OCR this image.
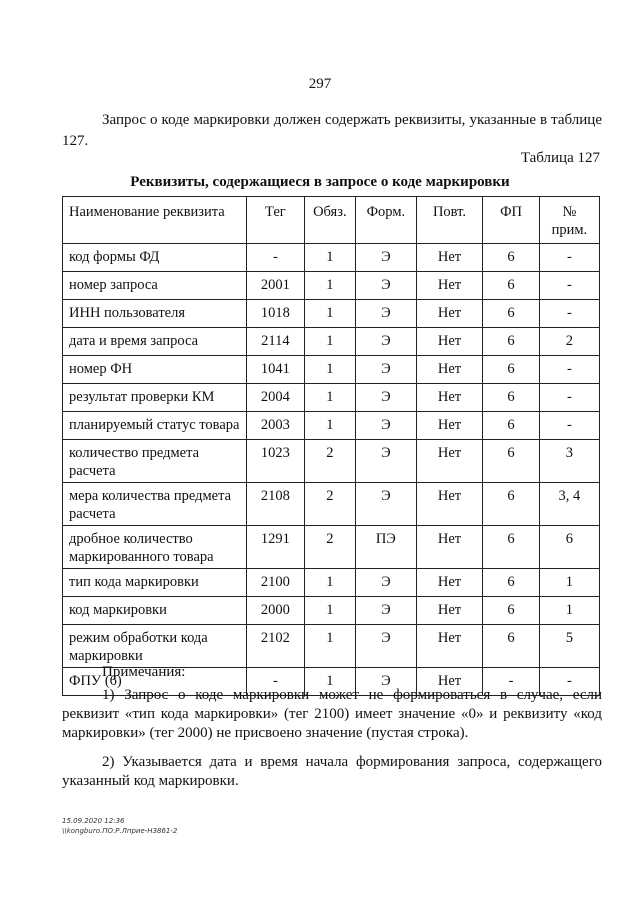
297
Запрос о коде маркировки должен содержать реквизиты, указанные в таблице 127.
Таблица 127
Реквизиты, содержащиеся в запросе о коде маркировки
Наименование реквизита	Тег	Обяз.	Форм.	Повт.	ФП	№ прим.
код формы ФД	-	1	Э	Нет	6	-
номер запроса	2001	1	Э	Нет	6	-
ИНН пользователя	1018	1	Э	Нет	6	-
дата и время запроса	2114	1	Э	Нет	6	2
номер ФН	1041	1	Э	Нет	6	-
результат проверки КМ	2004	1	Э	Нет	6	-
планируемый статус товара	2003	1	Э	Нет	6	-
количество предмета расчета	1023	2	Э	Нет	6	3
мера количества предмета расчета	2108	2	Э	Нет	6	3, 4
дробное количество маркированного товара	1291	2	ПЭ	Нет	6	6
тип кода маркировки	2100	1	Э	Нет	6	1
код маркировки	2000	1	Э	Нет	6	1
режим обработки кода маркировки	2102	1	Э	Нет	6	5
ФПУ (6)	-	1	Э	Нет	-	-
Примечания:

1) Запрос о коде маркировки может не формироваться в случае, если реквизит «тип кода маркировки» (тег 2100) имеет значение «0» и реквизиту «код маркировки» (тег 2000) не присвоено значение (пустая строка).

2) Указывается дата и время начала формирования запроса, содержащего указанный код маркировки.

15.09.2020 12:36
\\kongburo.ПО.Р.Лприе-Н3861-2
